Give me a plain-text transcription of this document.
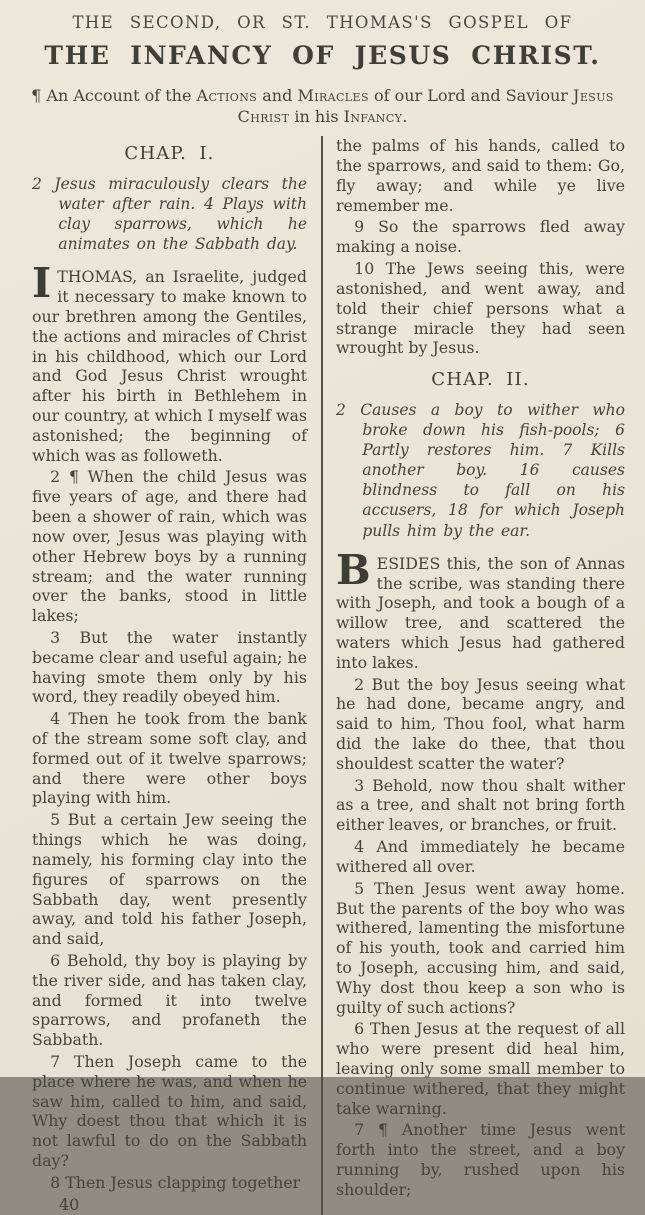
THE SECOND, OR ST. THOMAS'S GOSPEL OF
THE INFANCY OF JESUS CHRIST.

¶ An Account of the Actions and Miracles of our Lord and Saviour Jesus Christ in his Infancy.

CHAP. I.

2 Jesus miraculously clears the water after rain. 4 Plays with clay sparrows, which he animates on the Sabbath day.

ITHOMAS, an Israelite, judged it necessary to make known to our brethren among the Gentiles, the actions and miracles of Christ in his childhood, which our Lord and God Jesus Christ wrought after his birth in Bethlehem in our country, at which I myself was astonished; the beginning of which was as followeth.

2 ¶ When the child Jesus was five years of age, and there had been a shower of rain, which was now over, Jesus was playing with other Hebrew boys by a running stream; and the water running over the banks, stood in little lakes;

3 But the water instantly became clear and useful again; he having smote them only by his word, they readily obeyed him.

4 Then he took from the bank of the stream some soft clay, and formed out of it twelve sparrows; and there were other boys playing with him.

5 But a certain Jew seeing the things which he was doing, namely, his forming clay into the figures of sparrows on the Sabbath day, went presently away, and told his father Joseph, and said,

6 Behold, thy boy is playing by the river side, and has taken clay, and formed it into twelve sparrows, and profaneth the Sabbath.

7 Then Joseph came to the place where he was, and when he saw him, called to him, and said, Why doest thou that which it is not lawful to do on the Sabbath day?

8 Then Jesus clapping together

40

the palms of his hands, called to the sparrows, and said to them: Go, fly away; and while ye live remember me.

9 So the sparrows fled away making a noise.

10 The Jews seeing this, were astonished, and went away, and told their chief persons what a strange miracle they had seen wrought by Jesus.

CHAP. II.

2 Causes a boy to wither who broke down his fish-pools; 6 Partly restores him. 7 Kills another boy. 16 causes blindness to fall on his accusers, 18 for which Joseph pulls him by the ear.

BESIDES this, the son of Annas the scribe, was standing there with Joseph, and took a bough of a willow tree, and scattered the waters which Jesus had gathered into lakes.

2 But the boy Jesus seeing what he had done, became angry, and said to him, Thou fool, what harm did the lake do thee, that thou shouldest scatter the water?

3 Behold, now thou shalt wither as a tree, and shalt not bring forth either leaves, or branches, or fruit.

4 And immediately he became withered all over.

5 Then Jesus went away home. But the parents of the boy who was withered, lamenting the misfortune of his youth, took and carried him to Joseph, accusing him, and said, Why dost thou keep a son who is guilty of such actions?

6 Then Jesus at the request of all who were present did heal him, leaving only some small member to continue withered, that they might take warning.

7 ¶ Another time Jesus went forth into the street, and a boy running by, rushed upon his shoulder;
